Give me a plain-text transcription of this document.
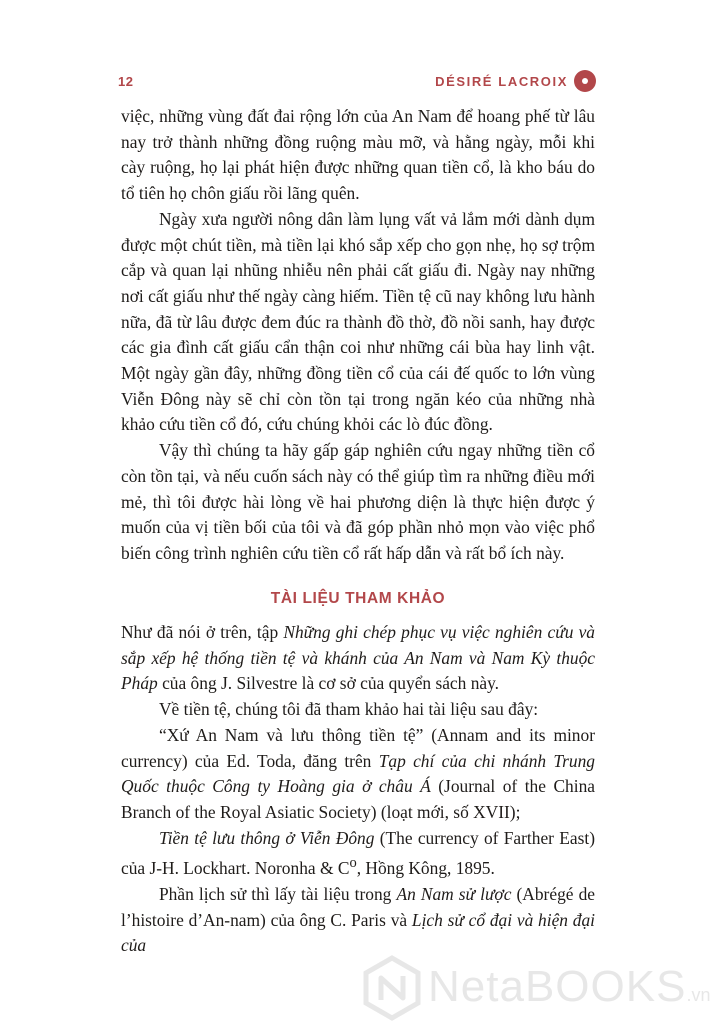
12	DÉSIRÉ LACROIX

việc, những vùng đất đai rộng lớn của An Nam để hoang phế từ lâu nay trở thành những đồng ruộng màu mỡ, và hằng ngày, mỗi khi cày ruộng, họ lại phát hiện được những quan tiền cổ, là kho báu do tổ tiên họ chôn giấu rồi lãng quên.

Ngày xưa người nông dân làm lụng vất vả lắm mới dành dụm được một chút tiền, mà tiền lại khó sắp xếp cho gọn nhẹ, họ sợ trộm cắp và quan lại nhũng nhiễu nên phải cất giấu đi. Ngày nay những nơi cất giấu như thế ngày càng hiếm. Tiền tệ cũ nay không lưu hành nữa, đã từ lâu được đem đúc ra thành đồ thờ, đồ nồi sanh, hay được các gia đình cất giấu cẩn thận coi như những cái bùa hay linh vật. Một ngày gần đây, những đồng tiền cổ của cái đế quốc to lớn vùng Viễn Đông này sẽ chỉ còn tồn tại trong ngăn kéo của những nhà khảo cứu tiền cổ đó, cứu chúng khỏi các lò đúc đồng.

Vậy thì chúng ta hãy gấp gáp nghiên cứu ngay những tiền cổ còn tồn tại, và nếu cuốn sách này có thể giúp tìm ra những điều mới mẻ, thì tôi được hài lòng về hai phương diện là thực hiện được ý muốn của vị tiền bối của tôi và đã góp phần nhỏ mọn vào việc phổ biến công trình nghiên cứu tiền cổ rất hấp dẫn và rất bổ ích này.

TÀI LIỆU THAM KHẢO

Như đã nói ở trên, tập Những ghi chép phục vụ việc nghiên cứu và sắp xếp hệ thống tiền tệ và khánh của An Nam và Nam Kỳ thuộc Pháp của ông J. Silvestre là cơ sở của quyển sách này.

Về tiền tệ, chúng tôi đã tham khảo hai tài liệu sau đây:

“Xứ An Nam và lưu thông tiền tệ” (Annam and its minor currency) của Ed. Toda, đăng trên Tạp chí của chi nhánh Trung Quốc thuộc Công ty Hoàng gia ở châu Á (Journal of the China Branch of the Royal Asiatic Society) (loạt mới, số XVII);

Tiền tệ lưu thông ở Viễn Đông (The currency of Farther East) của J-H. Lockhart. Noronha & $C^o$, Hồng Kông, 1895.

Phần lịch sử thì lấy tài liệu trong An Nam sử lược (Abrégé de l’histoire d’An-nam) của ông C. Paris và Lịch sử cổ đại và hiện đại của

NetaBOOKS.vn
